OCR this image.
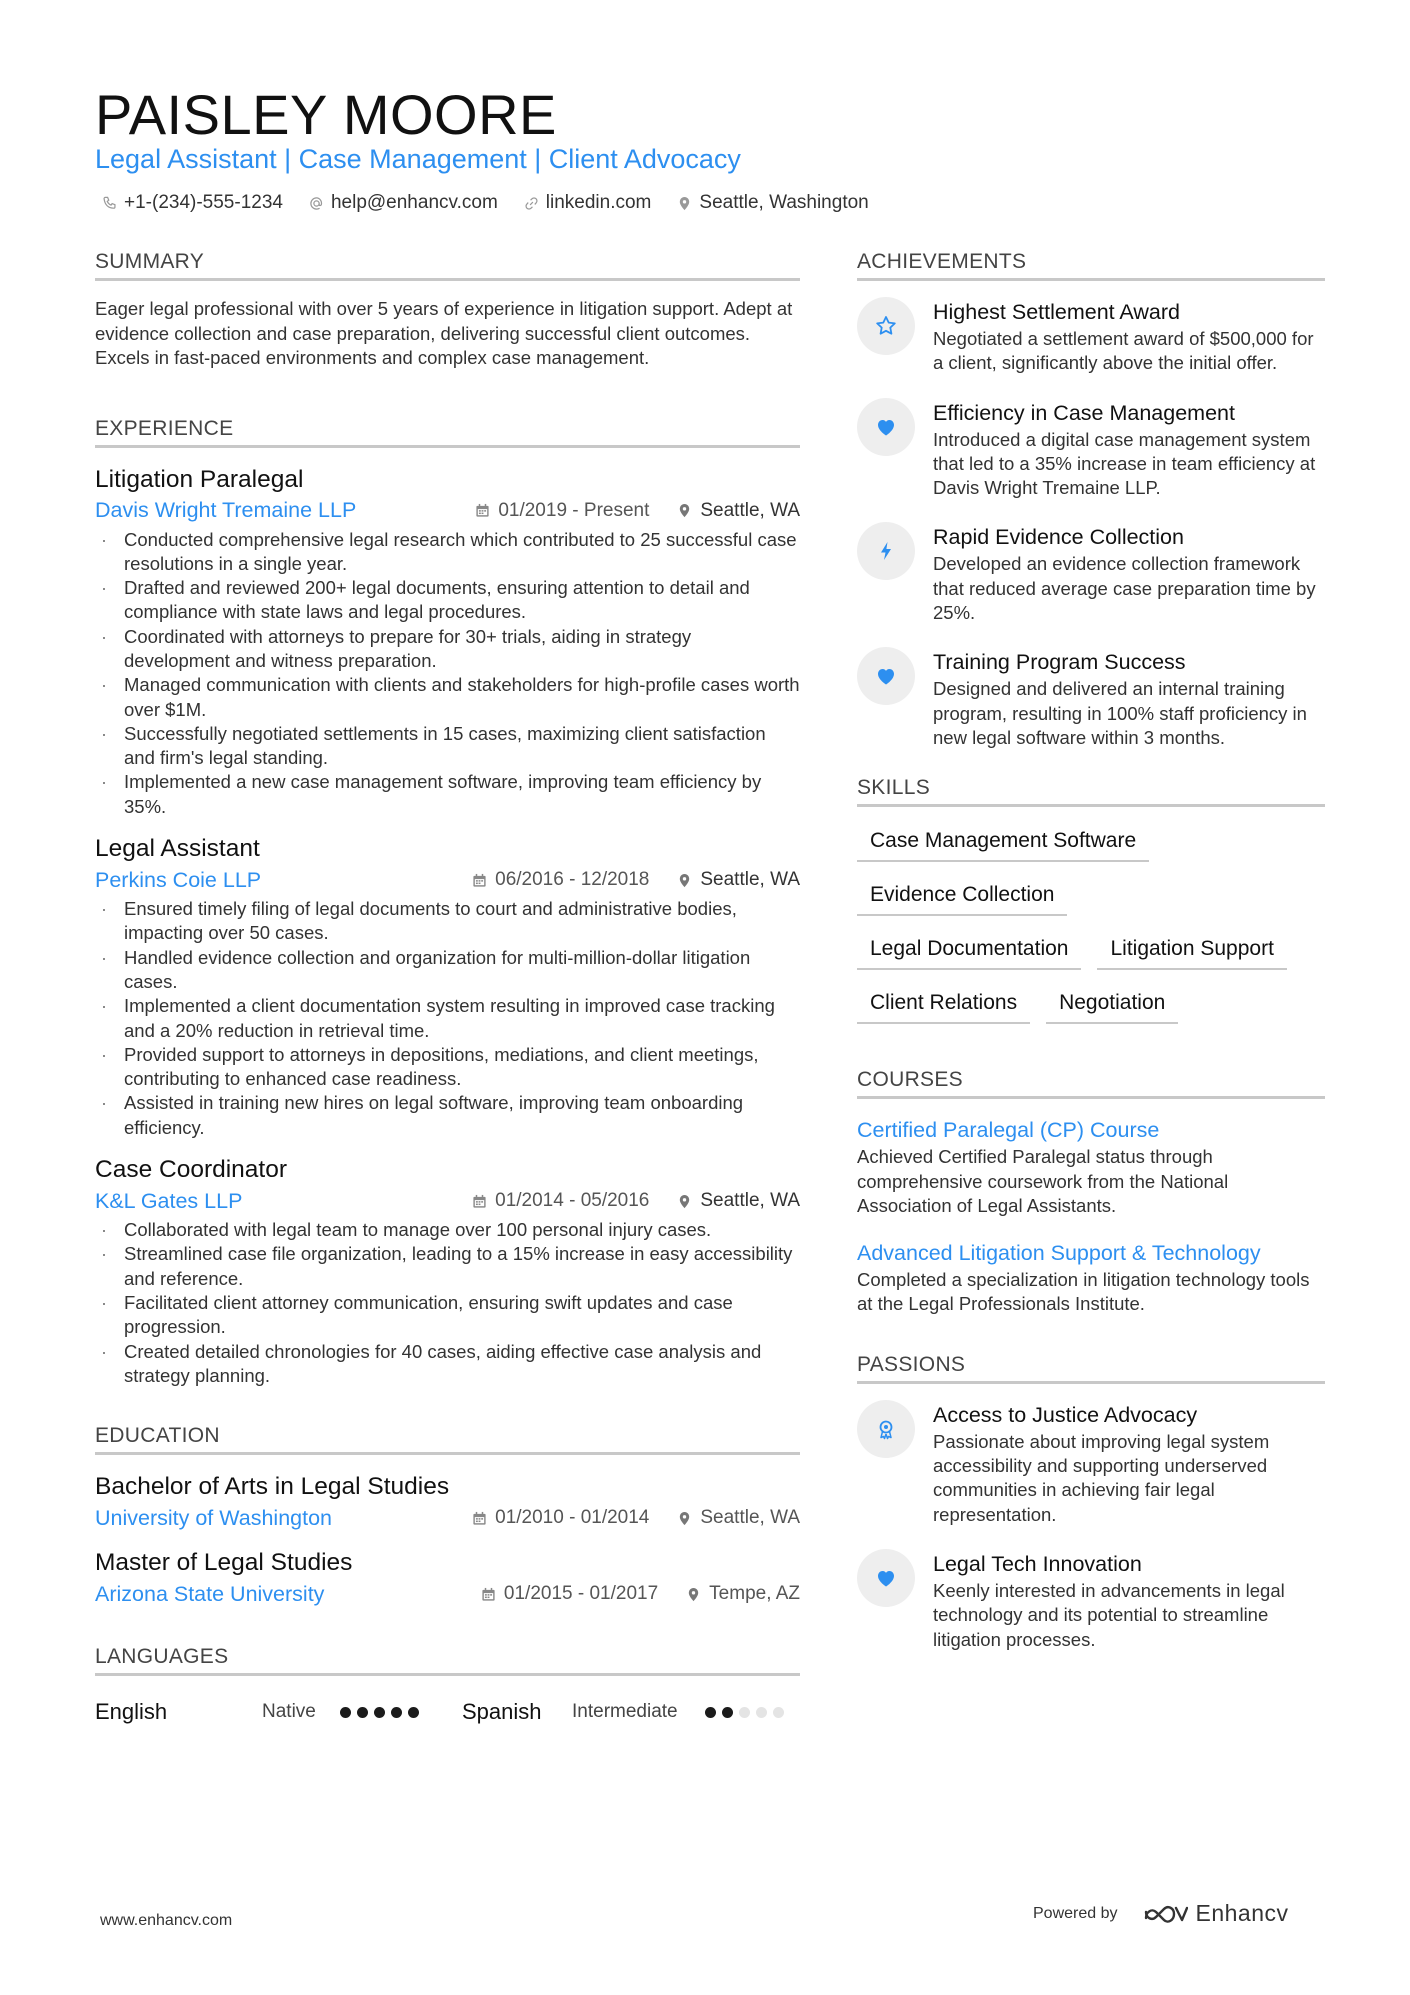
PAISLEY MOORE
Legal Assistant | Case Management | Client Advocacy
+1-(234)-555-1234	help@enhancv.com	linkedin.com	Seattle, Washington
SUMMARY
Eager legal professional with over 5 years of experience in litigation support. Adept at evidence collection and case preparation, delivering successful client outcomes. Excels in fast-paced environments and complex case management.
EXPERIENCE
Litigation Paralegal
Davis Wright Tremaine LLP	01/2019 - Present	Seattle, WA
· Conducted comprehensive legal research which contributed to 25 successful case resolutions in a single year.
· Drafted and reviewed 200+ legal documents, ensuring attention to detail and compliance with state laws and legal procedures.
· Coordinated with attorneys to prepare for 30+ trials, aiding in strategy development and witness preparation.
· Managed communication with clients and stakeholders for high-profile cases worth over $1M.
· Successfully negotiated settlements in 15 cases, maximizing client satisfaction and firm's legal standing.
· Implemented a new case management software, improving team efficiency by 35%.
Legal Assistant
Perkins Coie LLP	06/2016 - 12/2018	Seattle, WA
· Ensured timely filing of legal documents to court and administrative bodies, impacting over 50 cases.
· Handled evidence collection and organization for multi-million-dollar litigation cases.
· Implemented a client documentation system resulting in improved case tracking and a 20% reduction in retrieval time.
· Provided support to attorneys in depositions, mediations, and client meetings, contributing to enhanced case readiness.
· Assisted in training new hires on legal software, improving team onboarding efficiency.
Case Coordinator
K&L Gates LLP	01/2014 - 05/2016	Seattle, WA
· Collaborated with legal team to manage over 100 personal injury cases.
· Streamlined case file organization, leading to a 15% increase in easy accessibility and reference.
· Facilitated client attorney communication, ensuring swift updates and case progression.
· Created detailed chronologies for 40 cases, aiding effective case analysis and strategy planning.
EDUCATION
Bachelor of Arts in Legal Studies
University of Washington	01/2010 - 01/2014	Seattle, WA
Master of Legal Studies
Arizona State University	01/2015 - 01/2017	Tempe, AZ
LANGUAGES
English	Native	Spanish	Intermediate
ACHIEVEMENTS
Highest Settlement Award
Negotiated a settlement award of $500,000 for a client, significantly above the initial offer.
Efficiency in Case Management
Introduced a digital case management system that led to a 35% increase in team efficiency at Davis Wright Tremaine LLP.
Rapid Evidence Collection
Developed an evidence collection framework that reduced average case preparation time by 25%.
Training Program Success
Designed and delivered an internal training program, resulting in 100% staff proficiency in new legal software within 3 months.
SKILLS
Case Management Software
Evidence Collection
Legal Documentation	Litigation Support
Client Relations	Negotiation
COURSES
Certified Paralegal (CP) Course
Achieved Certified Paralegal status through comprehensive coursework from the National Association of Legal Assistants.
Advanced Litigation Support & Technology
Completed a specialization in litigation technology tools at the Legal Professionals Institute.
PASSIONS
Access to Justice Advocacy
Passionate about improving legal system accessibility and supporting underserved communities in achieving fair legal representation.
Legal Tech Innovation
Keenly interested in advancements in legal technology and its potential to streamline litigation processes.
www.enhancv.com	Powered by	Enhancv
